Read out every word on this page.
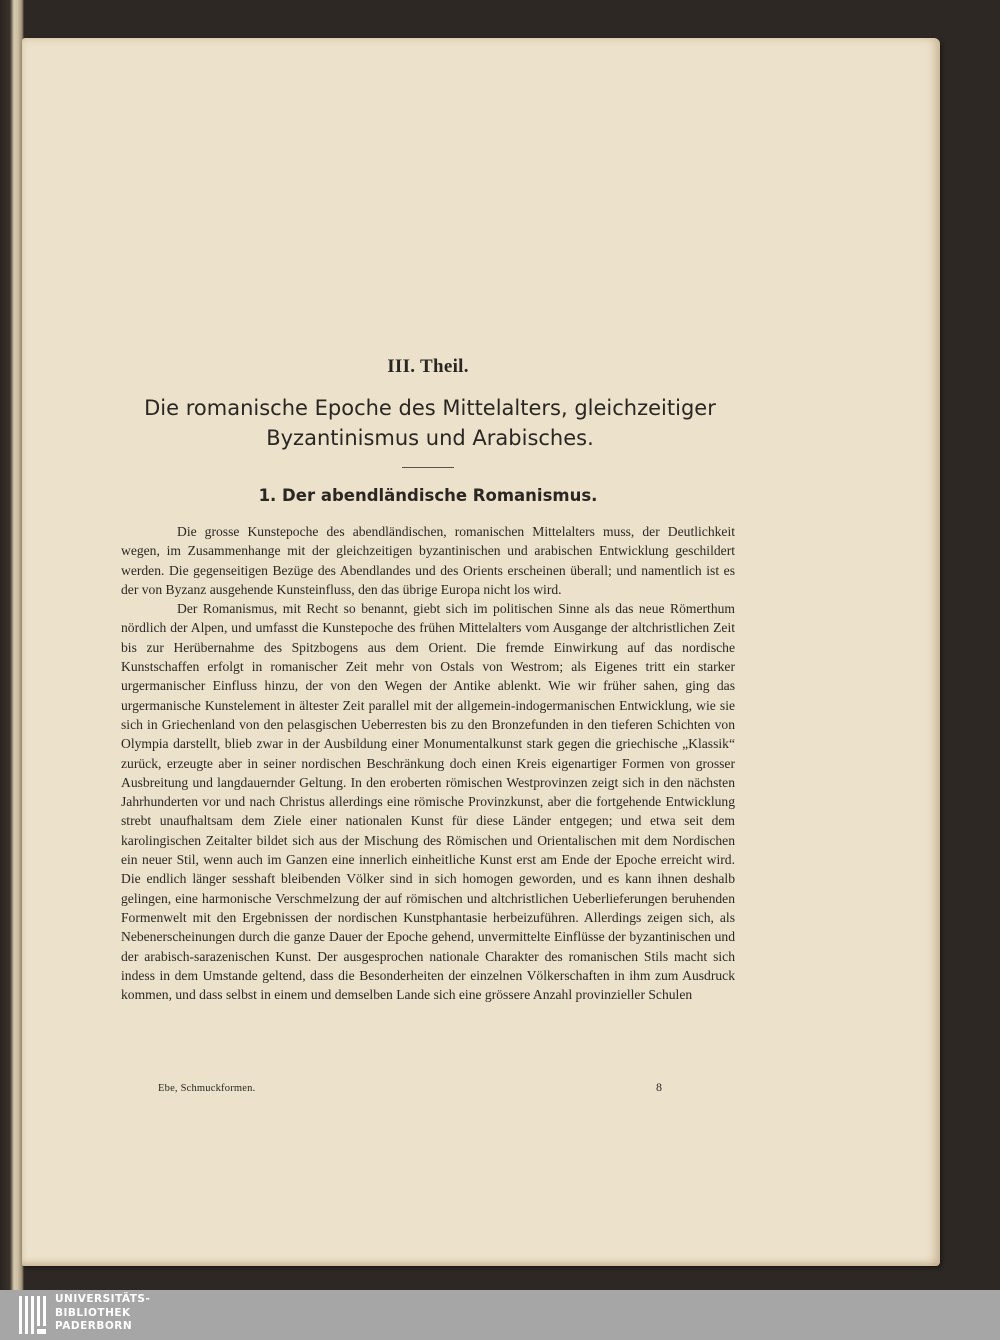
III. Theil.
Die romanische Epoche des Mittelalters, gleichzeitiger
Byzantinismus und Arabisches.
1. Der abendländische Romanismus.

Die grosse Kunstepoche des abendländischen, romanischen Mittelalters muss, der Deutlichkeit wegen, im Zusammenhange mit der gleichzeitigen byzantinischen und arabischen Entwicklung geschildert werden. Die gegenseitigen Bezüge des Abendlandes und des Orients erscheinen überall; und namentlich ist es der von Byzanz ausgehende Kunsteinfluss, den das übrige Europa nicht los wird.

Der Romanismus, mit Recht so benannt, giebt sich im politischen Sinne als das neue Römerthum nördlich der Alpen, und umfasst die Kunstepoche des frühen Mittelalters vom Ausgange der altchristlichen Zeit bis zur Herübernahme des Spitzbogens aus dem Orient. Die fremde Einwirkung auf das nordische Kunstschaffen erfolgt in romanischer Zeit mehr von Ostals von Westrom; als Eigenes tritt ein starker urgermanischer Einfluss hinzu, der von den Wegen der Antike ablenkt. Wie wir früher sahen, ging das urgermanische Kunstelement in ältester Zeit parallel mit der allgemein-indogermanischen Entwicklung, wie sie sich in Griechenland von den pelasgischen Ueberresten bis zu den Bronzefunden in den tieferen Schichten von Olympia darstellt, blieb zwar in der Ausbildung einer Monumentalkunst stark gegen die griechische „Klassik“ zurück, erzeugte aber in seiner nordischen Beschränkung doch einen Kreis eigenartiger Formen von grosser Ausbreitung und langdauernder Geltung. In den eroberten römischen Westprovinzen zeigt sich in den nächsten Jahrhunderten vor und nach Christus allerdings eine römische Provinzkunst, aber die fortgehende Entwicklung strebt unaufhaltsam dem Ziele einer nationalen Kunst für diese Länder entgegen; und etwa seit dem karolingischen Zeitalter bildet sich aus der Mischung des Römischen und Orientalischen mit dem Nordischen ein neuer Stil, wenn auch im Ganzen eine innerlich einheitliche Kunst erst am Ende der Epoche erreicht wird. Die endlich länger sesshaft bleibenden Völker sind in sich homogen geworden, und es kann ihnen deshalb gelingen, eine harmonische Verschmelzung der auf römischen und altchristlichen Ueberlieferungen beruhenden Formenwelt mit den Ergebnissen der nordischen Kunstphantasie herbeizuführen. Allerdings zeigen sich, als Nebenerscheinungen durch die ganze Dauer der Epoche gehend, unvermittelte Einflüsse der byzantinischen und der arabisch-sarazenischen Kunst. Der ausgesprochen nationale Charakter des romanischen Stils macht sich indess in dem Umstande geltend, dass die Besonderheiten der einzelnen Völkerschaften in ihm zum Ausdruck kommen, und dass selbst in einem und demselben Lande sich eine grössere Anzahl provinzieller Schulen

Ebe, Schmuckformen.	8
UNIVERSITÄTS-
BIBLIOTHEK
PADERBORN
